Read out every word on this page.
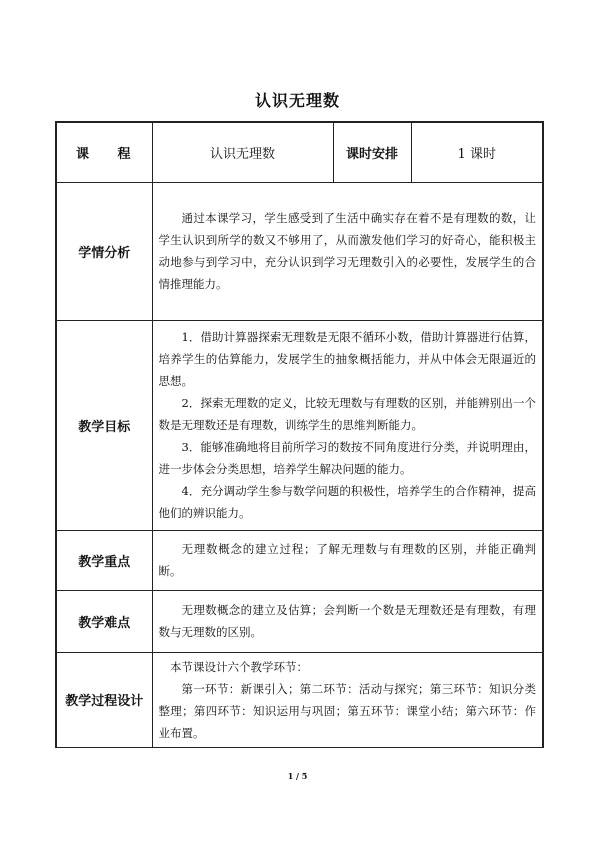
认识无理数
课 程	认识无理数	课时安排	1 课时
学情分析	通过本课学习，学生感受到了生活中确实存在着不是有理数的数，让学生认识到所学的数又不够用了，从而激发他们学习的好奇心，能积极主动地参与到学习中，充分认识到学习无理数引入的必要性，发展学生的合情推理能力。		

教学目标	1．借助计算器探索无理数是无限不循环小数，借助计算器进行估算，培养学生的估算能力，发展学生的抽象概括能力，并从中体会无限逼近的思想。

2．探索无理数的定义，比较无理数与有理数的区别，并能辨别出一个数是无理数还是有理数，训练学生的思维判断能力。

3．能够准确地将目前所学习的数按不同角度进行分类，并说明理由，进一步体会分类思想，培养学生解决问题的能力。

4．充分调动学生参与数学问题的积极性，培养学生的合作精神，提高他们的辨识能力。		

教学重点	无理数概念的建立过程；了解无理数与有理数的区别，并能正确判断。		

教学难点	无理数概念的建立及估算；会判断一个数是无理数还是有理数，有理数与无理数的区别。		

教学过程设计	本节课设计六个教学环节：

第一环节：新课引入；第二环节：活动与探究；第三环节：知识分类整理；第四环节：知识运用与巩固；第五环节：课堂小结；第六环节：作业布置。		

1 / 5
